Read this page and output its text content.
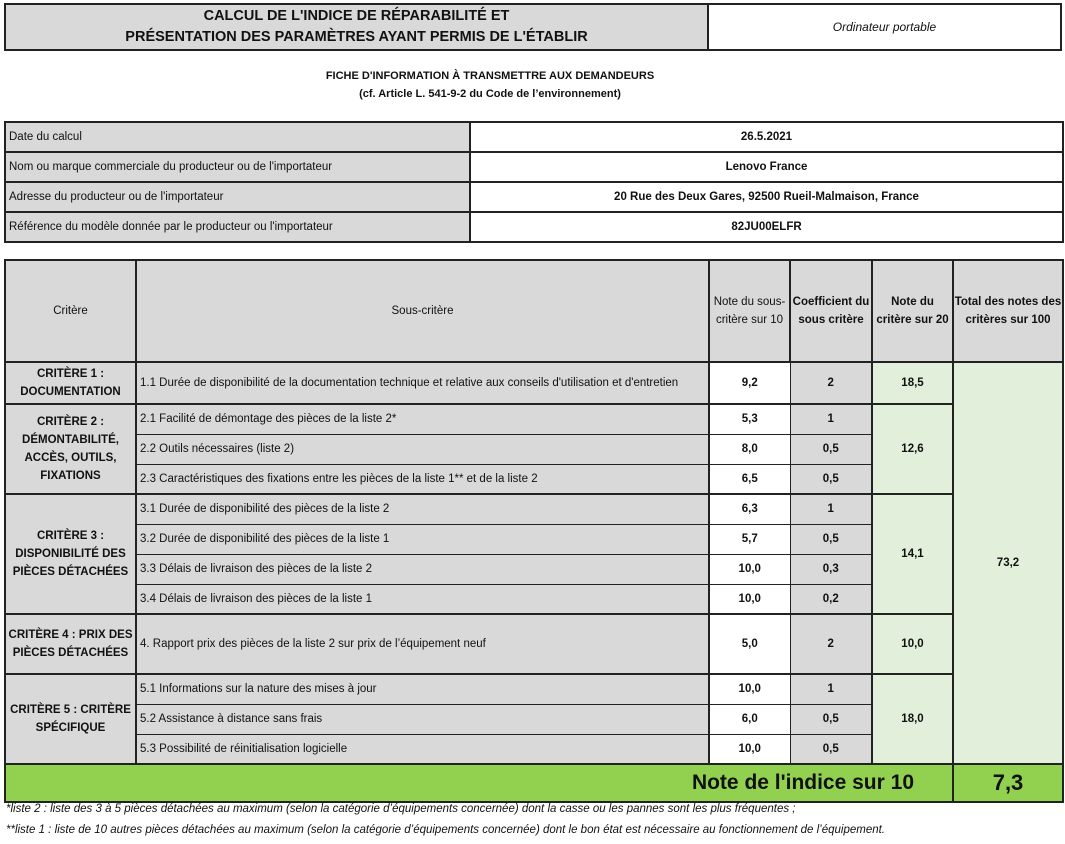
CALCUL DE L'INDICE DE RÉPARABILITÉ ET
PRÉSENTATION DES PARAMÈTRES AYANT PERMIS DE L'ÉTABLIR
Ordinateur portable
FICHE D'INFORMATION À TRANSMETTRE AUX DEMANDEURS
(cf. Article L. 541-9-2 du Code de l’environnement)
Date du calcul	26.5.2021
Nom ou marque commerciale du producteur ou de l'importateur	Lenovo France
Adresse du producteur ou de l'importateur	20 Rue des Deux Gares, 92500 Rueil-Malmaison, France
Référence du modèle donnée par le producteur ou l'importateur	82JU00ELFR
Critère	Sous-critère	Note du sous-critère sur 10	Coefficient du sous critère	Note du critère sur 20	Total des notes des critères sur 100
CRITÈRE 1 : DOCUMENTATION	1.1 Durée de disponibilité de la documentation technique et relative aux conseils d'utilisation et d'entretien	9,2	2	18,5	73,2
CRITÈRE 2 : DÉMONTABILITÉ, ACCÈS, OUTILS, FIXATIONS	2.1 Facilité de démontage des pièces de la liste 2*	5,3	1	12,6	
	2.2 Outils nécessaires (liste 2)	8,0	0,5		
	2.3 Caractéristiques des fixations entre les pièces de la liste 1** et de la liste 2	6,5	0,5		
CRITÈRE 3 : DISPONIBILITÉ DES PIÈCES DÉTACHÉES	3.1 Durée de disponibilité des pièces de la liste 2	6,3	1	14,1	
	3.2 Durée de disponibilité des pièces de la liste 1	5,7	0,5		
	3.3 Délais de livraison des pièces de la liste 2	10,0	0,3		
	3.4 Délais de livraison des pièces de la liste 1	10,0	0,2		
CRITÈRE 4 : PRIX DES PIÈCES DÉTACHÉES	4. Rapport prix des pièces de la liste 2 sur prix de l’équipement neuf	5,0	2	10,0	
CRITÈRE 5 : CRITÈRE SPÉCIFIQUE	5.1 Informations sur la nature des mises à jour	10,0	1	18,0	
	5.2 Assistance à distance sans frais	6,0	0,5		
	5.3 Possibilité de réinitialisation logicielle	10,0	0,5		
Note de l'indice sur 10					7,3
*liste 2 : liste des 3 à 5 pièces détachées au maximum (selon la catégorie d’équipements concernée) dont la casse ou les pannes sont les plus fréquentes ;
**liste 1 : liste de 10 autres pièces détachées au maximum (selon la catégorie d’équipements concernée) dont le bon état est nécessaire au fonctionnement de l’équipement.
